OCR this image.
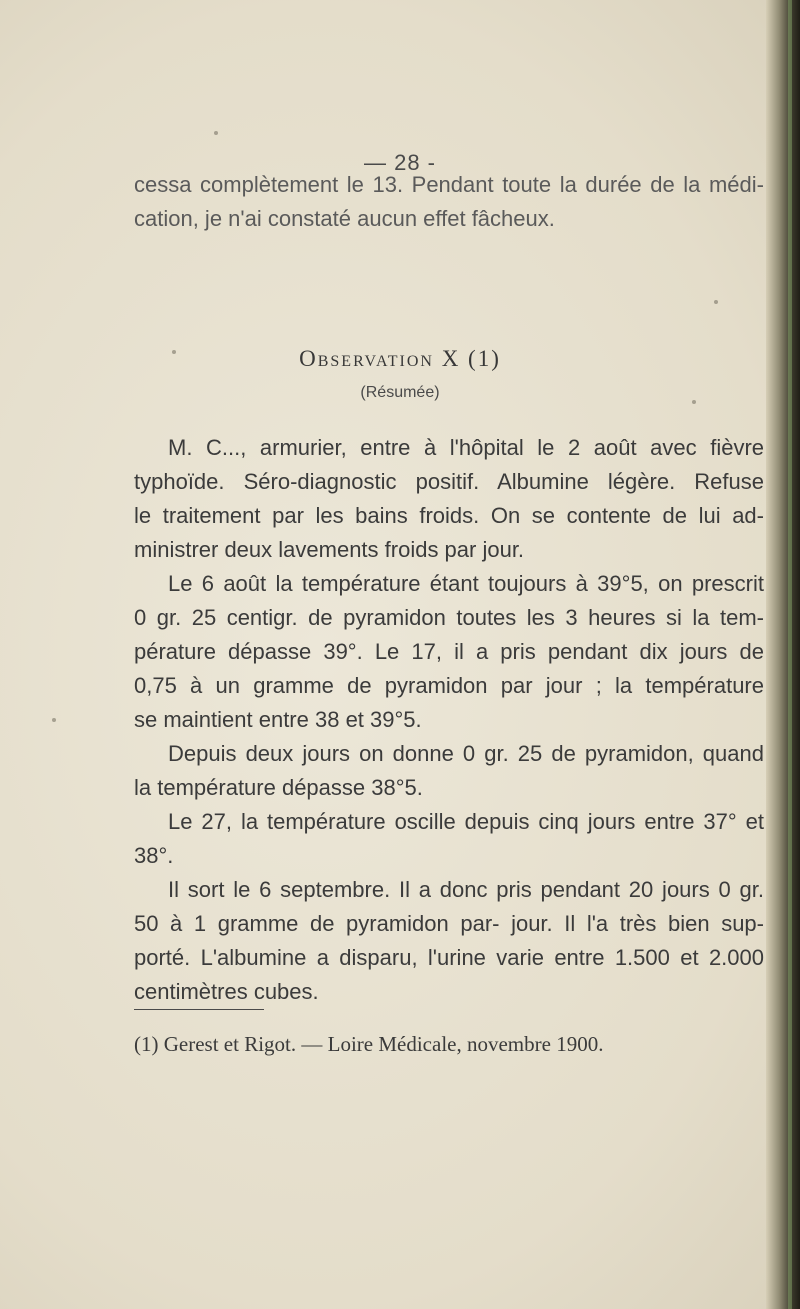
— 28 -
cessa complètement le 13. Pendant toute la durée de la médi-
cation, je n'ai constaté aucun effet fâcheux.
Observation X (1)
(Résumée)
M. C..., armurier, entre à l'hôpital le 2 août avec fièvre
typhoïde. Séro-diagnostic positif. Albumine légère. Refuse
le traitement par les bains froids. On se contente de lui ad-
ministrer deux lavements froids par jour.
Le 6 août la température étant toujours à 39°5, on prescrit
0 gr. 25 centigr. de pyramidon toutes les 3 heures si la tem-
pérature dépasse 39°. Le 17, il a pris pendant dix jours de
0,75 à un gramme de pyramidon par jour ; la température
se maintient entre 38 et 39°5.
Depuis deux jours on donne 0 gr. 25 de pyramidon, quand
la température dépasse 38°5.
Le 27, la température oscille depuis cinq jours entre 37° et
38°.
Il sort le 6 septembre. Il a donc pris pendant 20 jours 0 gr.
50 à 1 gramme de pyramidon par- jour. Il l'a très bien sup-
porté. L'albumine a disparu, l'urine varie entre 1.500 et 2.000
centimètres cubes.
(1) Gerest et Rigot. — Loire Médicale, novembre 1900.
